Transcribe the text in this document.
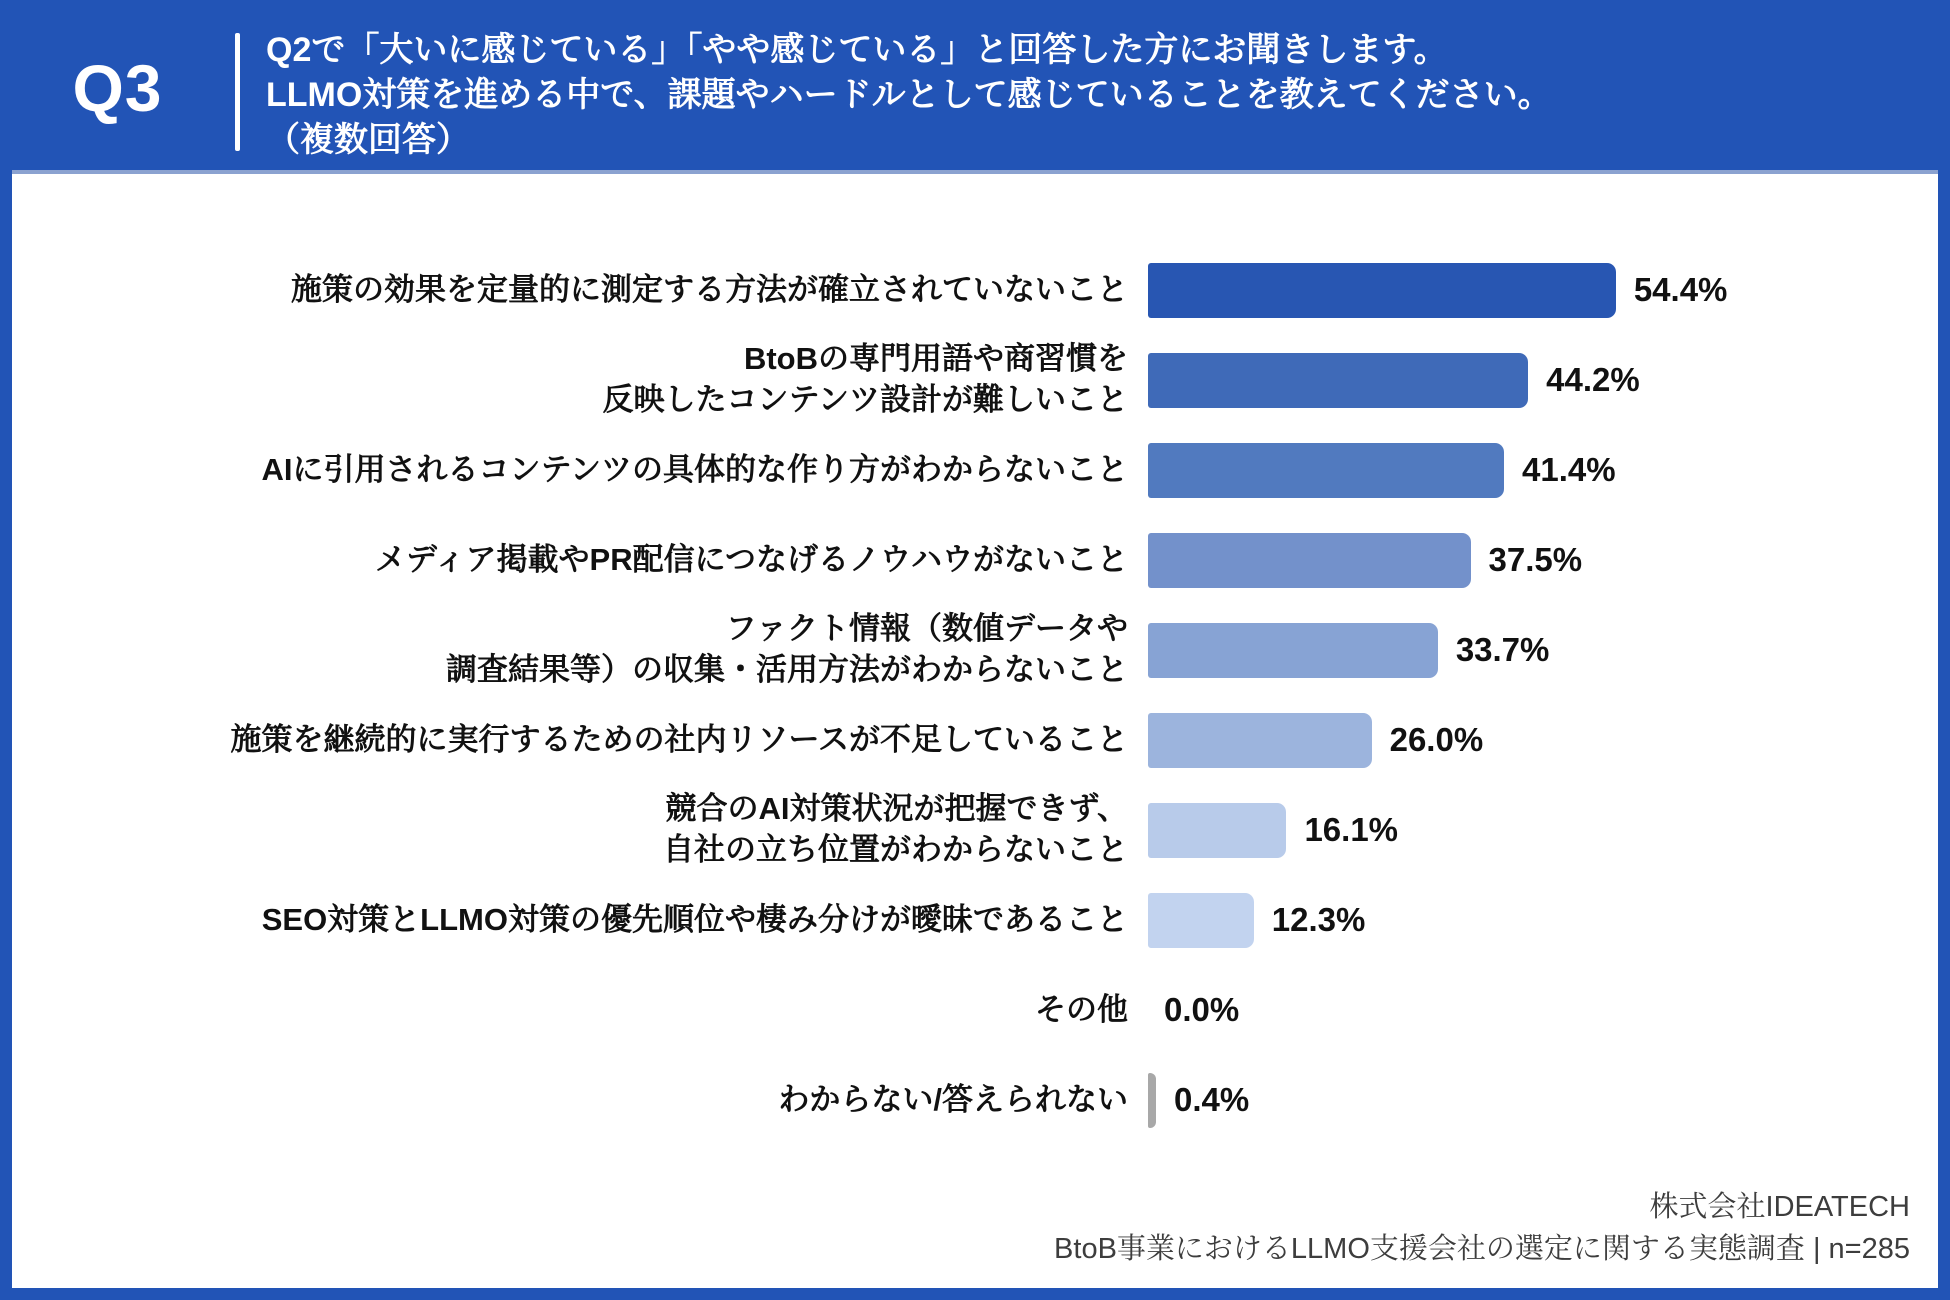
Q3
Q2で「大いに感じている」「やや感じている」と回答した方にお聞きします。
LLMO対策を進める中で、課題やハードルとして感じていることを教えてください。
（複数回答）
施策の効果を定量的に測定する方法が確立されていないこと	54.4%
BtoBの専門用語や商習慣を
反映したコンテンツ設計が難しいこと
44.2%
AIに引用されるコンテンツの具体的な作り方がわからないこと	41.4%
メディア掲載やPR配信につなげるノウハウがないこと	37.5%
ファクト情報（数値データや
調査結果等）の収集・活用方法がわからないこと
33.7%
施策を継続的に実行するための社内リソースが不足していること	26.0%
競合のAI対策状況が把握できず、
自社の立ち位置がわからないこと
16.1%
SEO対策とLLMO対策の優先順位や棲み分けが曖昧であること	12.3%
その他	0.0%
わからない/答えられない	0.4%
株式会社IDEATECH
BtoB事業におけるLLMO支援会社の選定に関する実態調査 | n=285
